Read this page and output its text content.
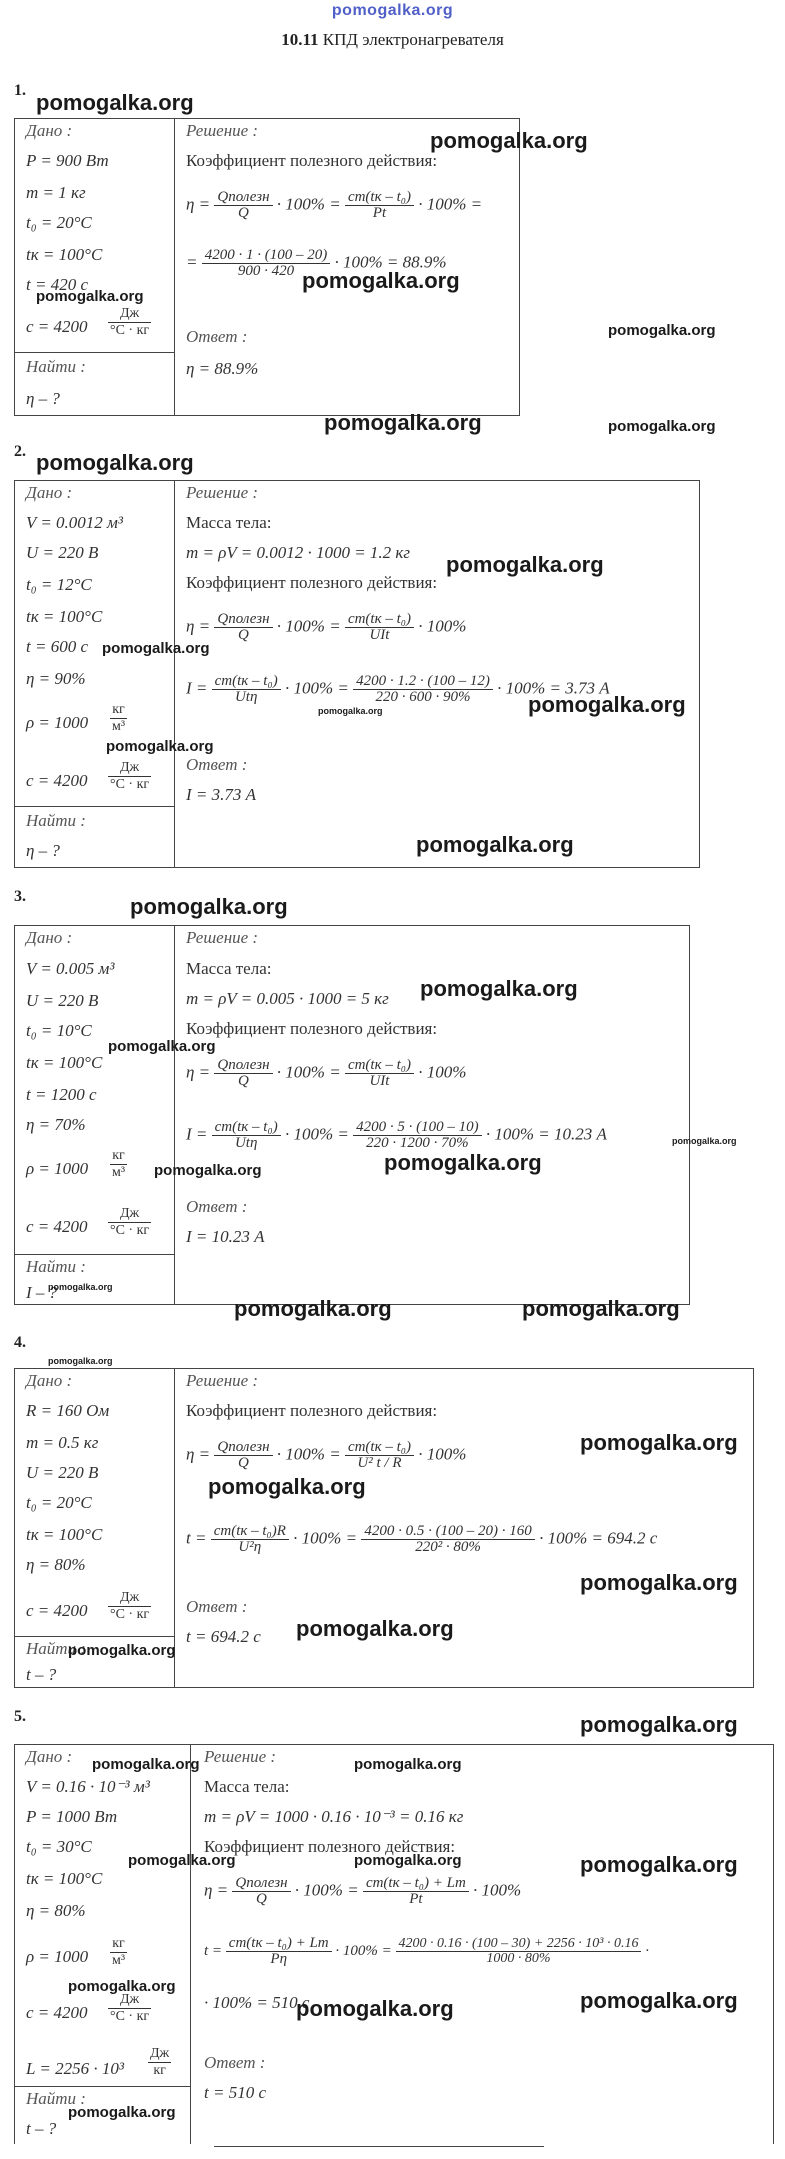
pomogalka.org
10.11 КПД электронагревателя
1.
Дано :
P = 900 Вт
m = 1 кг
t₀ = 20°C
tк = 100°C
t = 420 с
c = 4200
Дж
°С · кг
Найти :
η – ?
Решение :
Коэффициент полезного действия:
$\eta = \frac{\text{Qполезн}}{Q} \cdot 100\% = \frac{\text{cm(tк – t₀)}}{Pt} \cdot 100\%$ =
= $\frac{4200 \cdot 1 \cdot (100 - 20)}{900 \cdot 420} \cdot 100\% = 88.9\%$
Ответ :
η = 88.9%
pomogalka.org
pomogalka.org
pomogalka.org
pomogalka.org
pomogalka.org
pomogalka.org	pomogalka.org
2.
Дано :
V = 0.0012 м³
U = 220 В
t₀ = 12°C
tк = 100°C
t = 600 с
η = 90%
ρ = 1000
кг
м³
c = 4200
Дж
°С · кг
Найти :
η – ?
Решение :
Масса тела:
m = ρV = 0.0012 · 1000 = 1.2 кг
Коэффициент полезного действия:
$\eta = \frac{\text{Qполезн}}{Q} \cdot 100\% = \frac{\text{cm(tк – t₀)}}{\text{UIt}} \cdot 100\%$
$I = \frac{\text{cm(tк – t₀)}}{\text{Utη}} \cdot 100\% = \frac{4200 \cdot 1.2 \cdot (100 - 12)}{220 \cdot 600 \cdot 90\%} \cdot 100\% = 3.73$ А
Ответ :
I = 3.73 А
pomogalka.org
pomogalka.org
pomogalka.org
pomogalka.org	pomogalka.org
pomogalka.org
pomogalka.org
3.
Дано :
V = 0.005 м³
U = 220 В
t₀ = 10°C
tк = 100°C
t = 1200 с
η = 70%
ρ = 1000
кг
м³
c = 4200
Дж
°С · кг
Найти :
I – ?
Решение :
Масса тела:
m = ρV = 0.005 · 1000 = 5 кг
Коэффициент полезного действия:
$\eta = \frac{\text{Qполезн}}{Q} \cdot 100\% = \frac{\text{cm(tк – t₀)}}{\text{UIt}} \cdot 100\%$
$I = \frac{\text{cm(tк – t₀)}}{\text{Utη}} \cdot 100\% = \frac{4200 \cdot 5 \cdot (100 - 10)}{220 \cdot 1200 \cdot 70\%} \cdot 100\% = 10.23$ А
Ответ :
I = 10.23 А
pomogalka.org
pomogalka.org
pomogalka.org
pomogalka.org
pomogalka.org
pomogalka.org
pomogalka.org
pomogalka.org	pomogalka.org
4.
pomogalka.org
Дано :
R = 160 Ом
m = 0.5 кг
U = 220 В
t₀ = 20°C
tк = 100°C
η = 80%
c = 4200
Дж
°С · кг
Найти :
t – ?
Решение :
Коэффициент полезного действия:
$\eta = \frac{\text{Qполезн}}{Q} \cdot 100\% = \frac{\text{cm(tк – t₀)}}{\text{U² t / R}} \cdot 100\%$
$t = \frac{\text{cm(tк – t₀)R}}{\text{U²η}} \cdot 100\% = \frac{4200 \cdot 0.5 \cdot (100 - 20) \cdot 160}{\text{220² · 80\%}} \cdot 100\% = 694.2$ с
Ответ :
t = 694.2 с
pomogalka.org
pomogalka.org
pomogalka.org
pomogalka.org
pomogalka.org
5.	pomogalka.org
Дано :
V = 0.16 · 10⁻³ м³
P = 1000 Вт
t₀ = 30°C
tк = 100°C
η = 80%
ρ = 1000
кг
м³
c = 4200
Дж
°С · кг
L = 2256 · 10³
Дж
кг
Найти :
t – ?
Решение :
Масса тела:
m = ρV = 1000 · 0.16 · 10⁻³ = 0.16 кг
Коэффициент полезного действия:
$\eta = \frac{\text{Qполезн}}{Q} \cdot 100\% = \frac{\text{cm(tк – t₀) + Lm}}{Pt} \cdot 100\%$
$t = \frac{\text{cm(tк – t₀) + Lm}}{P\eta} \cdot 100\% = \frac{\text{4200 · 0.16 · (100 – 30) + 2256 · 10³ · 0.16}}{1000 \cdot 80\%}$ ·
· 100% = 510 с
Ответ :
t = 510 с
pomogalka.org	pomogalka.org
pomogalka.org	pomogalka.org	pomogalka.org
pomogalka.org
pomogalka.org	pomogalka.org
pomogalka.org
